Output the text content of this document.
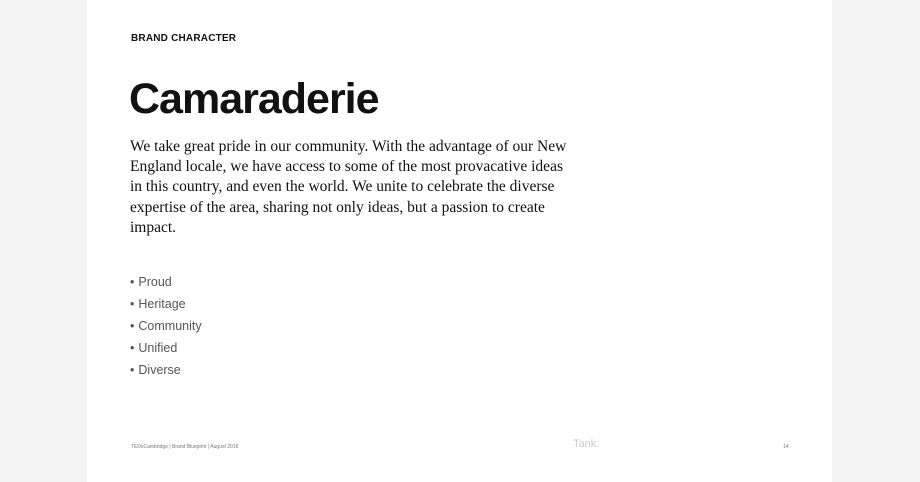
BRAND CHARACTER

Camaraderie

We take great pride in our community. With the advantage of our New England locale, we have access to some of the most provacative ideas in this country, and even the world. We unite to celebrate the diverse expertise of the area, sharing not only ideas, but a passion to create impact.

• Proud
• Heritage
• Community
• Unified
• Diverse
TEDxCambridge | Brand Blueprint | August 2016	Tank.	14
